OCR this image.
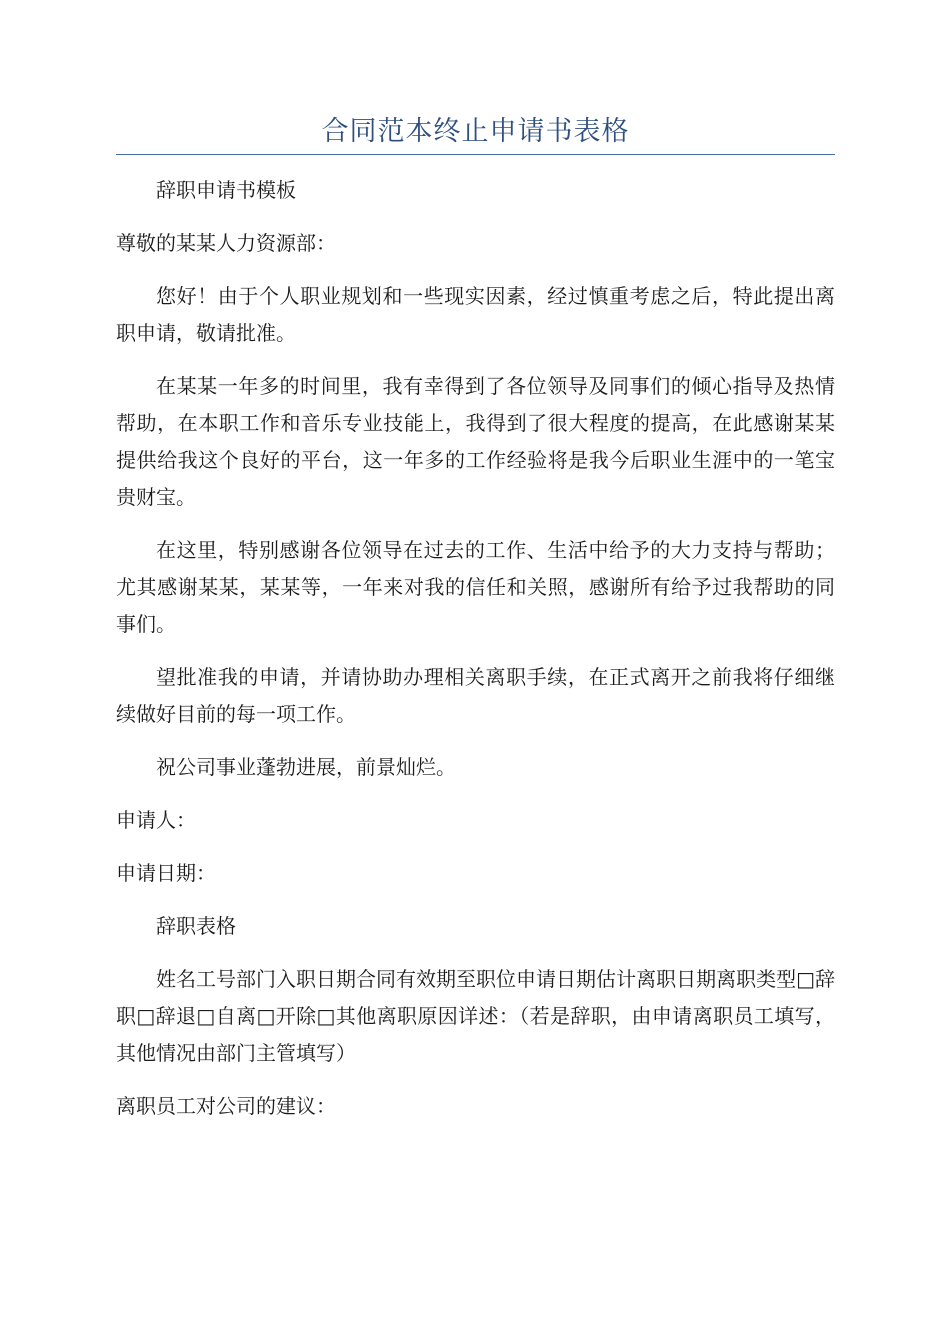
合同范本终止申请书表格

辞职申请书模板

尊敬的某某人力资源部：

您好！由于个人职业规划和一些现实因素，经过慎重考虑之后，特此提出离职申请，敬请批准。

在某某一年多的时间里，我有幸得到了各位领导及同事们的倾心指导及热情帮助，在本职工作和音乐专业技能上，我得到了很大程度的提高，在此感谢某某提供给我这个良好的平台，这一年多的工作经验将是我今后职业生涯中的一笔宝贵财宝。

在这里，特别感谢各位领导在过去的工作、生活中给予的大力支持与帮助；尤其感谢某某，某某等，一年来对我的信任和关照，感谢所有给予过我帮助的同事们。

望批准我的申请，并请协助办理相关离职手续，在正式离开之前我将仔细继续做好目前的每一项工作。

祝公司事业蓬勃进展，前景灿烂。

申请人：

申请日期：

辞职表格

姓名工号部门入职日期合同有效期至职位申请日期估计离职日期离职类型□辞职□辞退□自离□开除□其他离职原因详述：（若是辞职，由申请离职员工填写，其他情况由部门主管填写）

离职员工对公司的建议：
